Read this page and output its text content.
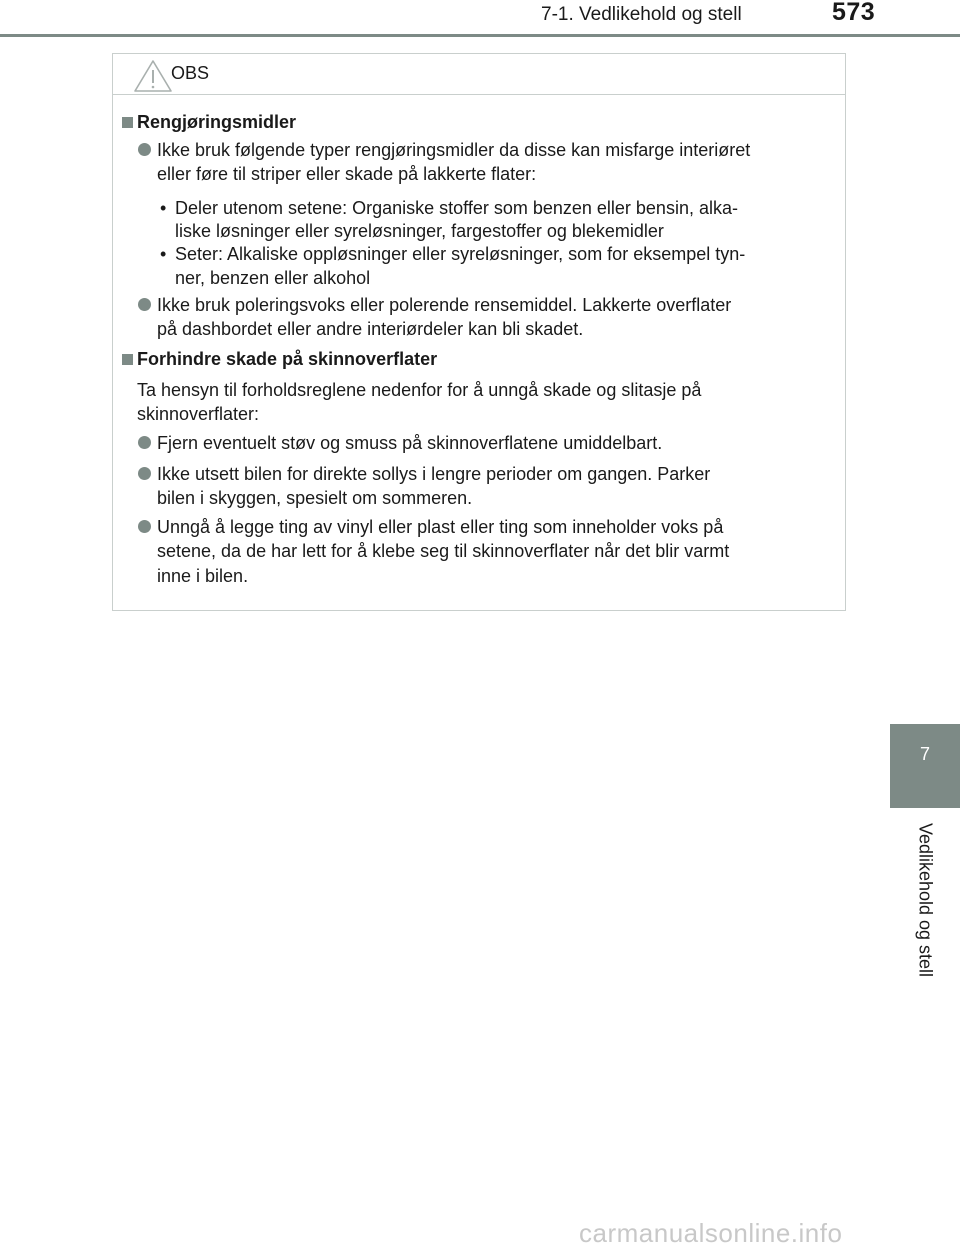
7-1. Vedlikehold og stell	573
OBS
Rengjøringsmidler
Ikke bruk følgende typer rengjøringsmidler da disse kan misfarge interiøret
eller føre til striper eller skade på lakkerte flater:
• Deler utenom setene: Organiske stoffer som benzen eller bensin, alka-
liske løsninger eller syreløsninger, fargestoffer og blekemidler
• Seter: Alkaliske oppløsninger eller syreløsninger, som for eksempel tyn-
ner, benzen eller alkohol
Ikke bruk poleringsvoks eller polerende rensemiddel. Lakkerte overflater
på dashbordet eller andre interiørdeler kan bli skadet.
Forhindre skade på skinnoverflater
Ta hensyn til forholdsreglene nedenfor for å unngå skade og slitasje på
skinnoverflater:
Fjern eventuelt støv og smuss på skinnoverflatene umiddelbart.
Ikke utsett bilen for direkte sollys i lengre perioder om gangen. Parker
bilen i skyggen, spesielt om sommeren.
Unngå å legge ting av vinyl eller plast eller ting som inneholder voks på
setene, da de har lett for å klebe seg til skinnoverflater når det blir varmt
inne i bilen.
7
Vedlikehold og stell
carmanualsonline.info
